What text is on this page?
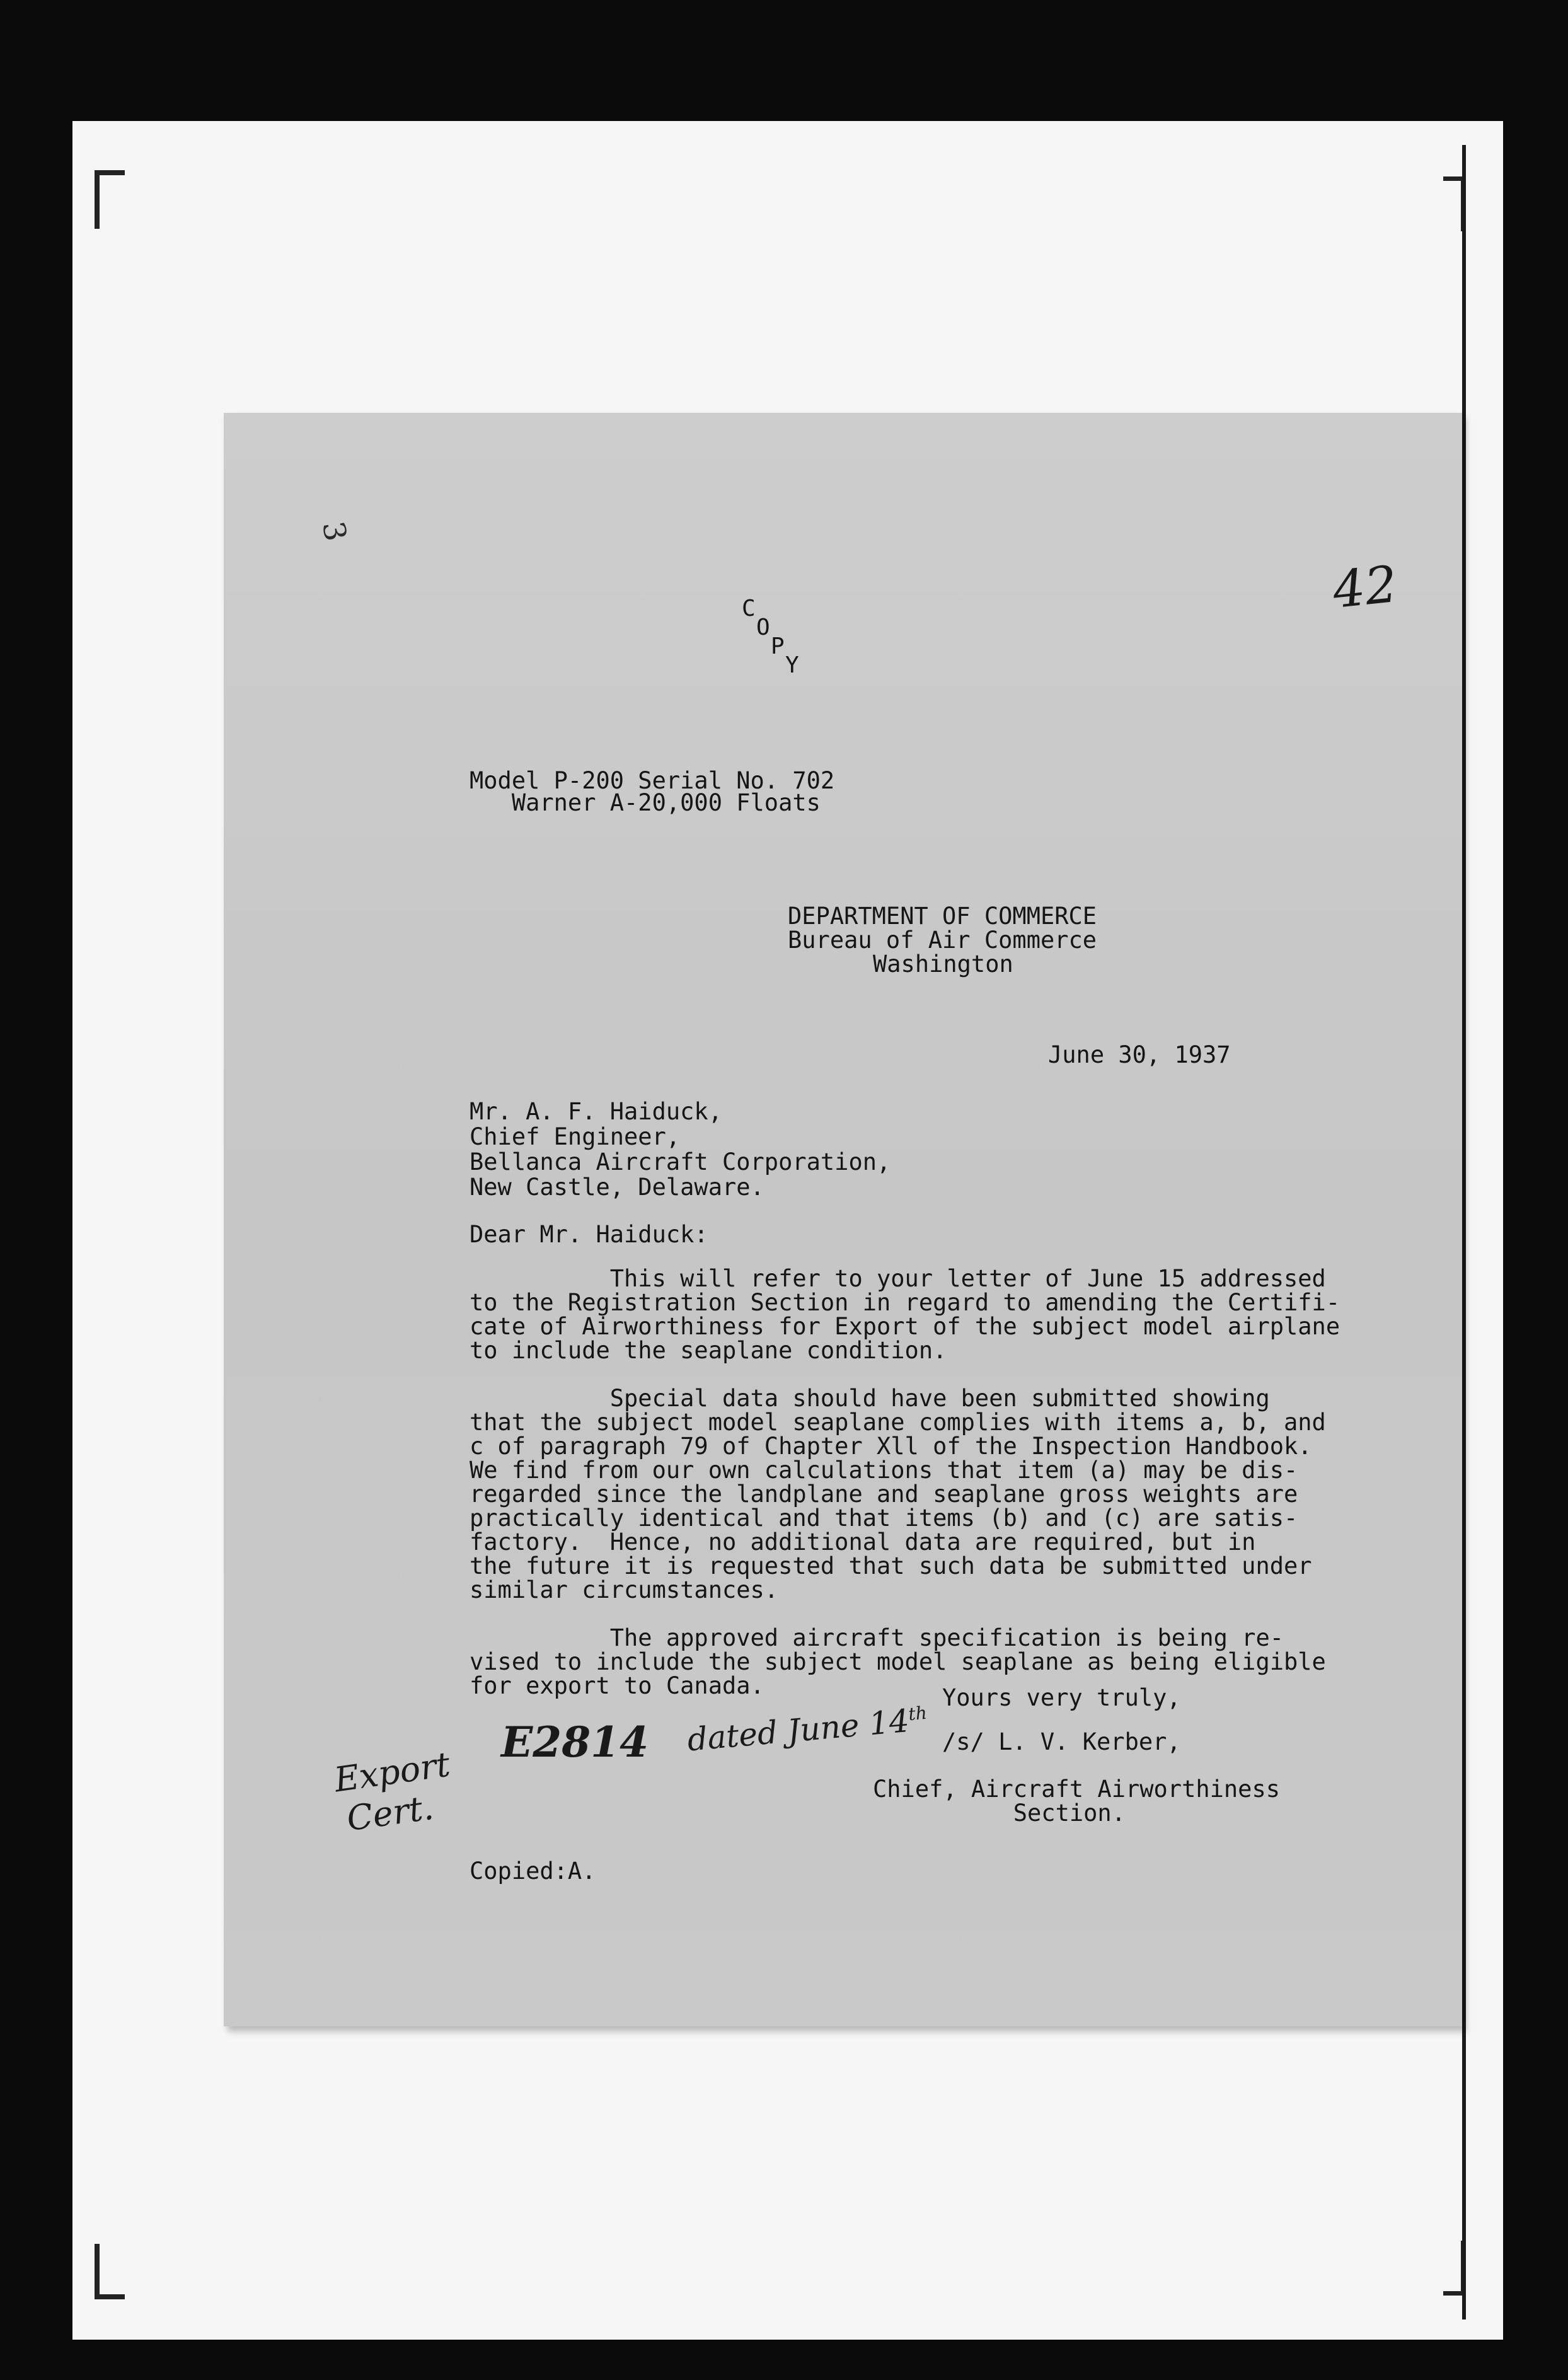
3
C
O
P
Y
42
Model P-200 Serial No. 702
Warner A-20,000 Floats
DEPARTMENT OF COMMERCE
Bureau of Air Commerce
Washington
June 30, 1937
Mr. A. F. Haiduck,
Chief Engineer,
Bellanca Aircraft Corporation,
New Castle, Delaware.
Dear Mr. Haiduck:
This will refer to your letter of June 15 addressed
to the Registration Section in regard to amending the Certifi-
cate of Airworthiness for Export of the subject model airplane
to include the seaplane condition.
Special data should have been submitted showing
that the subject model seaplane complies with items a, b, and
c of paragraph 79 of Chapter Xll of the Inspection Handbook.
We find from our own calculations that item (a) may be dis-
regarded since the landplane and seaplane gross weights are
practically identical and that items (b) and (c) are satis-
factory.  Hence, no additional data are required, but in
the future it is requested that such data be submitted under
similar circumstances.
The approved aircraft specification is being re-
vised to include the subject model seaplane as being eligible
for export to Canada.	Yours very truly,
E2814 dated June 14th
/s/ L. V. Kerber,
Export
Cert.	Chief, Aircraft Airworthiness
Section.
Copied:A.
